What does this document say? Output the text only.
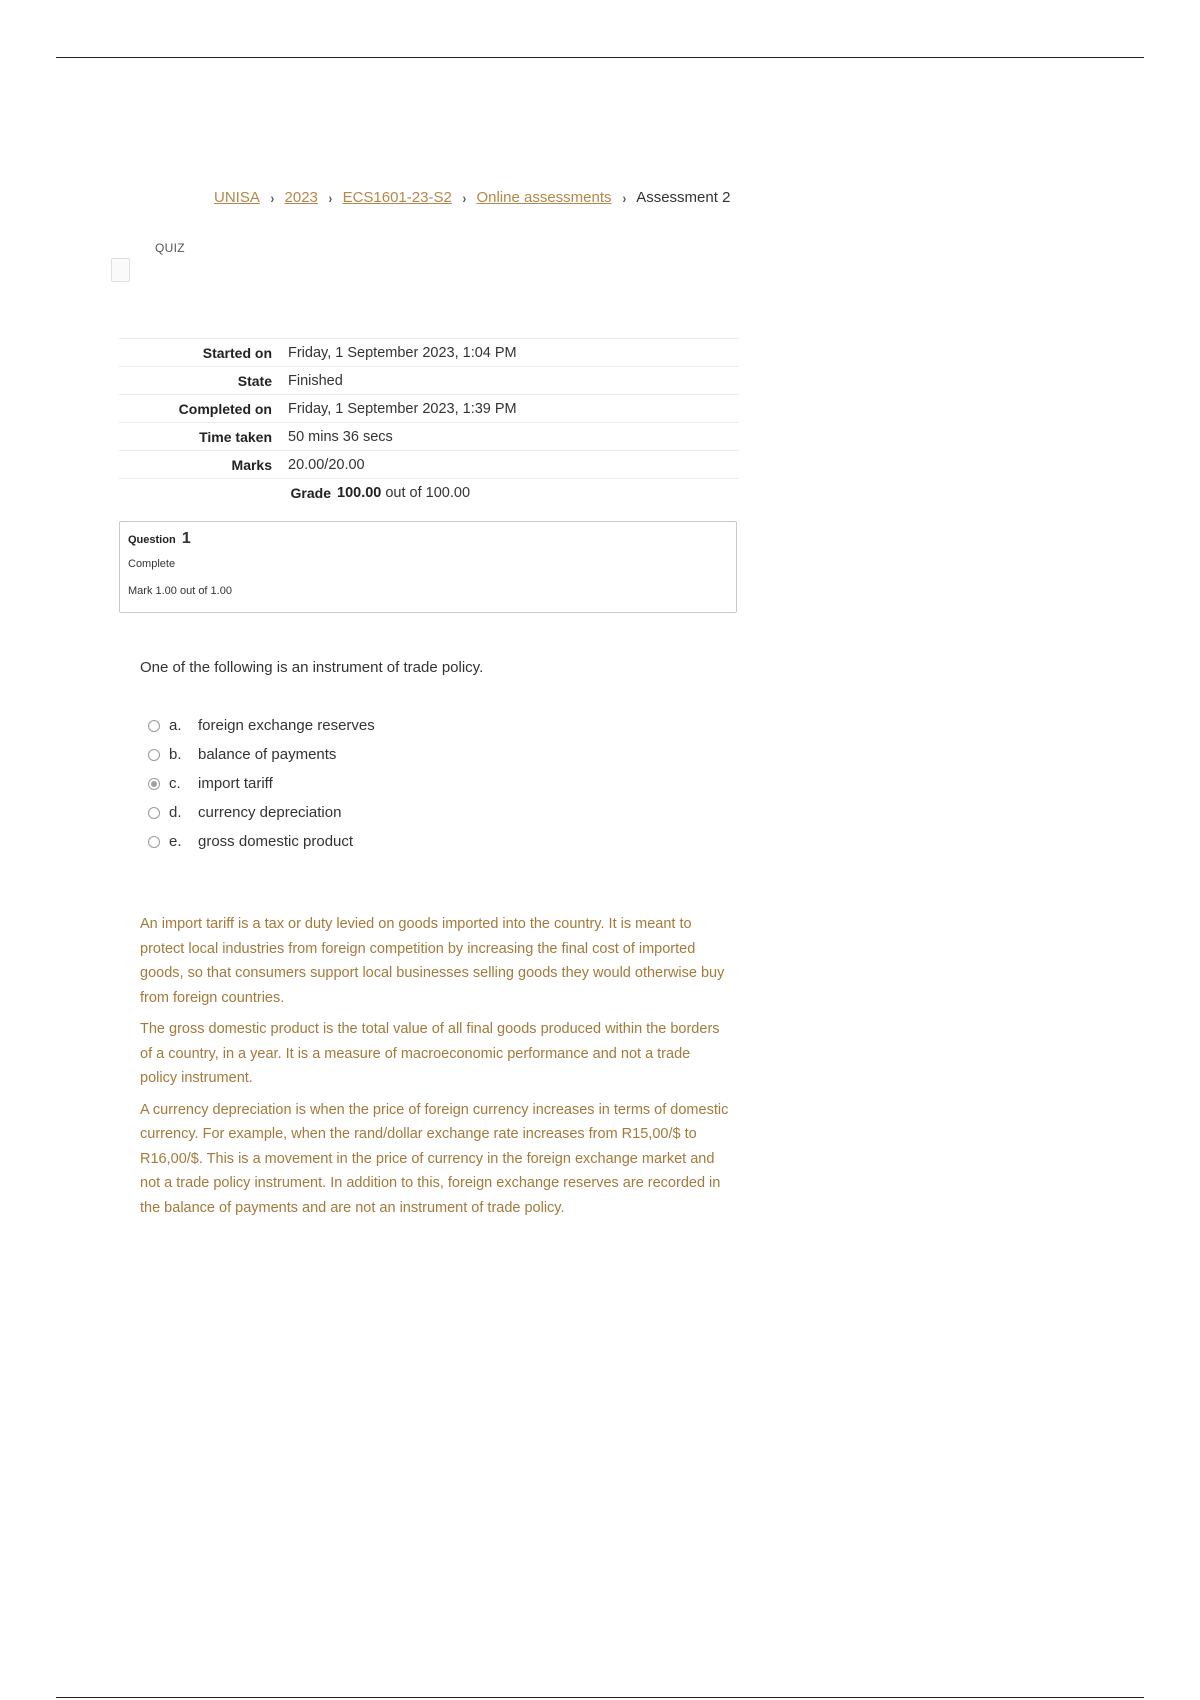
UNISA › 2023 › ECS1601-23-S2 › Online assessments › Assessment 2
QUIZ
Started on	Friday, 1 September 2023, 1:04 PM
State	Finished
Completed on	Friday, 1 September 2023, 1:39 PM
Time taken	50 mins 36 secs
Marks	20.00/20.00
Grade 100.00 out of 100.00
Question 1
Complete
Mark 1.00 out of 1.00
One of the following is an instrument of trade policy.
a.	foreign exchange reserves
b.	balance of payments
c.	import tariff
d.	currency depreciation
e.	gross domestic product

An import tariff is a tax or duty levied on goods imported into the country. It is meant to protect local industries from foreign competition by increasing the final cost of imported goods, so that consumers support local businesses selling goods they would otherwise buy from foreign countries.

The gross domestic product is the total value of all final goods produced within the borders of a country, in a year. It is a measure of macroeconomic performance and not a trade policy instrument.

A currency depreciation is when the price of foreign currency increases in terms of domestic currency. For example, when the rand/dollar exchange rate increases from R15,00/$ to R16,00/$. This is a movement in the price of currency in the foreign exchange market and not a trade policy instrument. In addition to this, foreign exchange reserves are recorded in the balance of payments and are not an instrument of trade policy.
